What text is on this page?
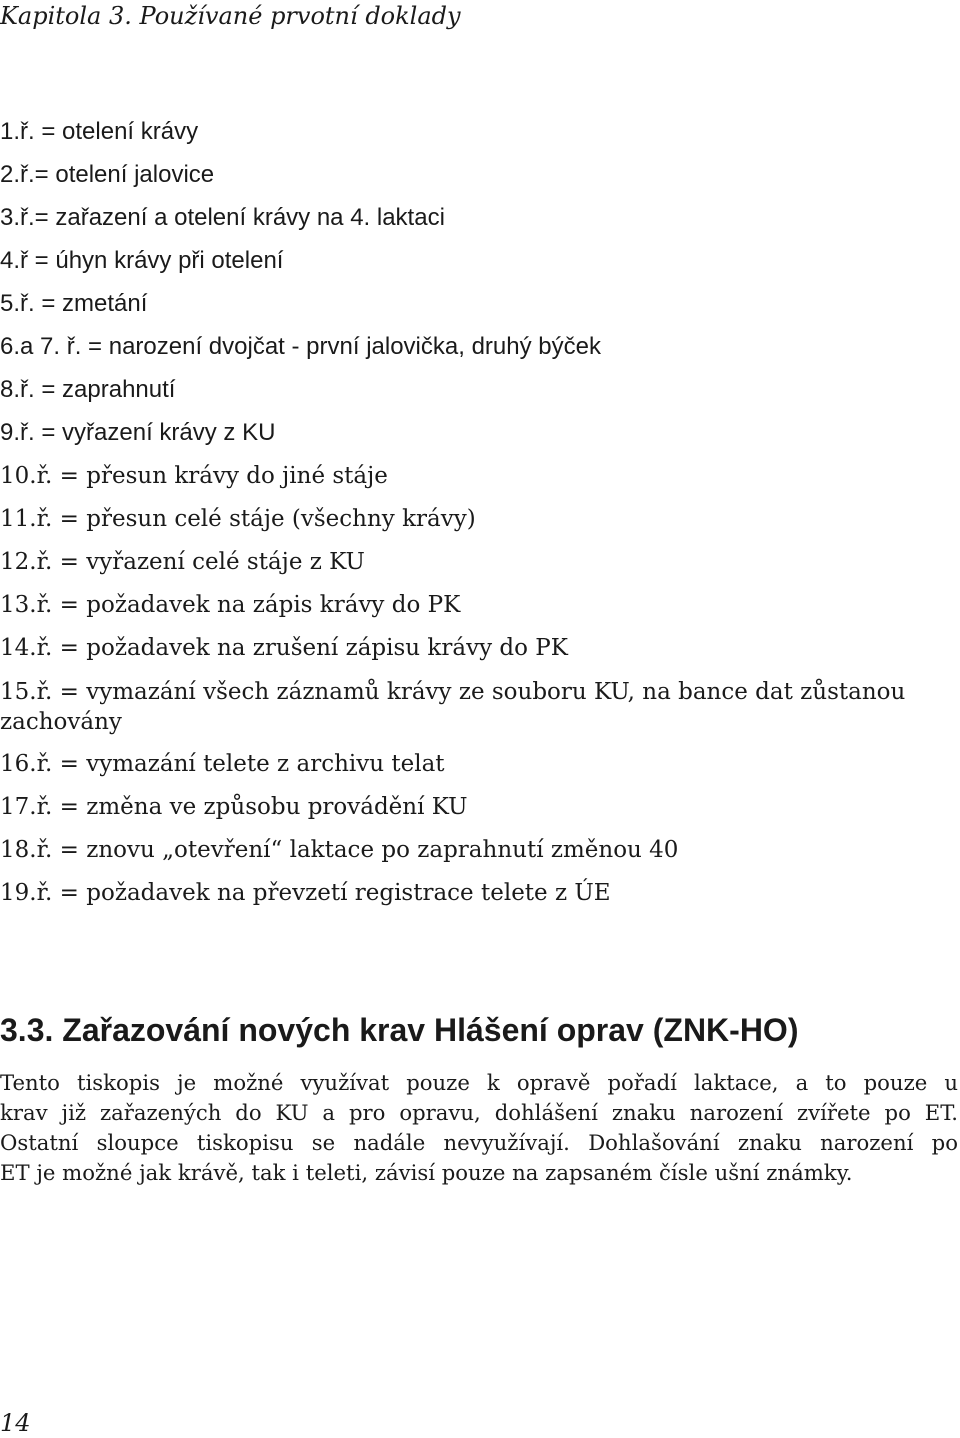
Kapitola 3. Používané prvotní doklady

1.ř. = otelení krávy
2.ř.= otelení jalovice
3.ř.= zařazení a otelení krávy na 4. laktaci
4.ř = úhyn krávy při otelení
5.ř. = zmetání
6.a 7. ř. = narození dvojčat - první jalovička, druhý býček
8.ř. = zaprahnutí
9.ř. = vyřazení krávy z KU
10.ř. = přesun krávy do jiné stáje
11.ř. = přesun celé stáje (všechny krávy)
12.ř. = vyřazení celé stáje z KU
13.ř. = požadavek na zápis krávy do PK
14.ř. = požadavek na zrušení zápisu krávy do PK
15.ř. = vymazání všech záznamů krávy ze souboru KU, na bance dat zůstanou
zachovány
16.ř. = vymazání telete z archivu telat
17.ř. = změna ve způsobu provádění KU
18.ř. = znovu „otevření“ laktace po zaprahnutí změnou 40
19.ř. = požadavek na převzetí registrace telete z ÚE
3.3. Zařazování nových krav Hlášení oprav (ZNK-HO)

Tento tiskopis je možné využívat pouze k opravě pořadí laktace, a to pouze u
krav již zařazených do KU a pro opravu, dohlášení znaku narození zvířete po ET.
Ostatní sloupce tiskopisu se nadále nevyužívají. Dohlašování znaku narození po
ET je možné jak krávě, tak i teleti, závisí pouze na zapsaném čísle ušní známky.

14
